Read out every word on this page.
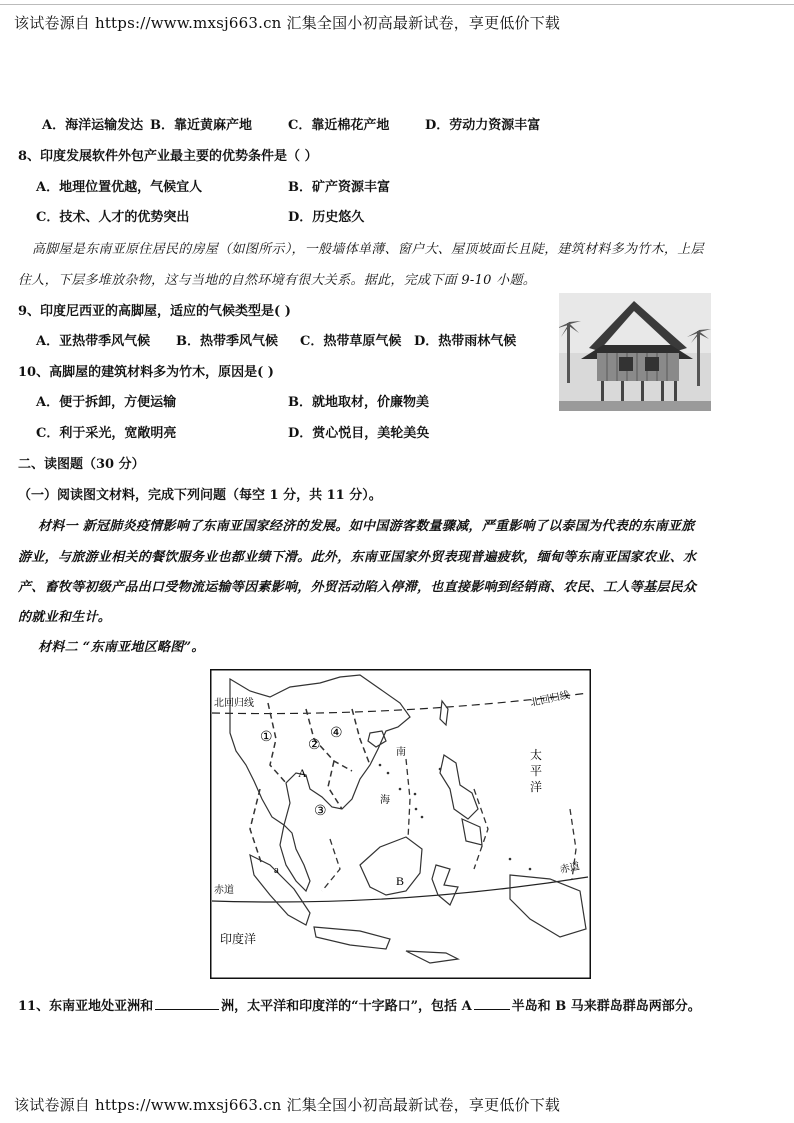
该试卷源自 https://www.mxsj663.cn 汇集全国小初高最新试卷，享更低价下载
A．海洋运输发达 B．靠近黄麻产地	C．靠近棉花产地	D．劳动力资源丰富
8、印度发展软件外包产业最主要的优势条件是（ ）
A．地理位置优越，气候宜人	B．矿产资源丰富
C．技术、人才的优势突出	D．历史悠久
高脚屋是东南亚原住居民的房屋（如图所示），一般墙体单薄、窗户大、屋顶坡面长且陡，建筑材料多为竹木，上层
住人，下层多堆放杂物，这与当地的自然环境有很大关系。据此，完成下面 9-10 小题。
9、印度尼西亚的高脚屋，适应的气候类型是( )
A．亚热带季风气候 B．热带季风气候 C．热带草原气候 D．热带雨林气候
10、高脚屋的建筑材料多为竹木，原因是( )
A．便于拆卸，方便运输	B．就地取材，价廉物美
C．利于采光，宽敞明亮	D．赏心悦目，美轮美奂
二、读图题（30 分）
（一）阅读图文材料，完成下列问题（每空 1 分，共 11 分）。
材料一 新冠肺炎疫情影响了东南亚国家经济的发展。如中国游客数量骤减，严重影响了以泰国为代表的东南亚旅
游业，与旅游业相关的餐饮服务业也都业绩下滑。此外，东南亚国家外贸表现普遍疲软，缅甸等东南亚国家农业、水
产、畜牧等初级产品出口受物流运输等因素影响，外贸活动陷入停滞，也直接影响到经销商、农民、工人等基层民众
的就业和生计。
材料二 “东南亚地区略图”。
北回归线	北回归线
赤道
赤道
太
平
洋
印度洋
南
海
①
②
③
④
A
B
a
11、东南亚地处亚洲和	洲，太平洋和印度洋的“十字路口”，包括 A	半岛和 B 马来群岛群岛两部分。
该试卷源自 https://www.mxsj663.cn 汇集全国小初高最新试卷，享更低价下载
